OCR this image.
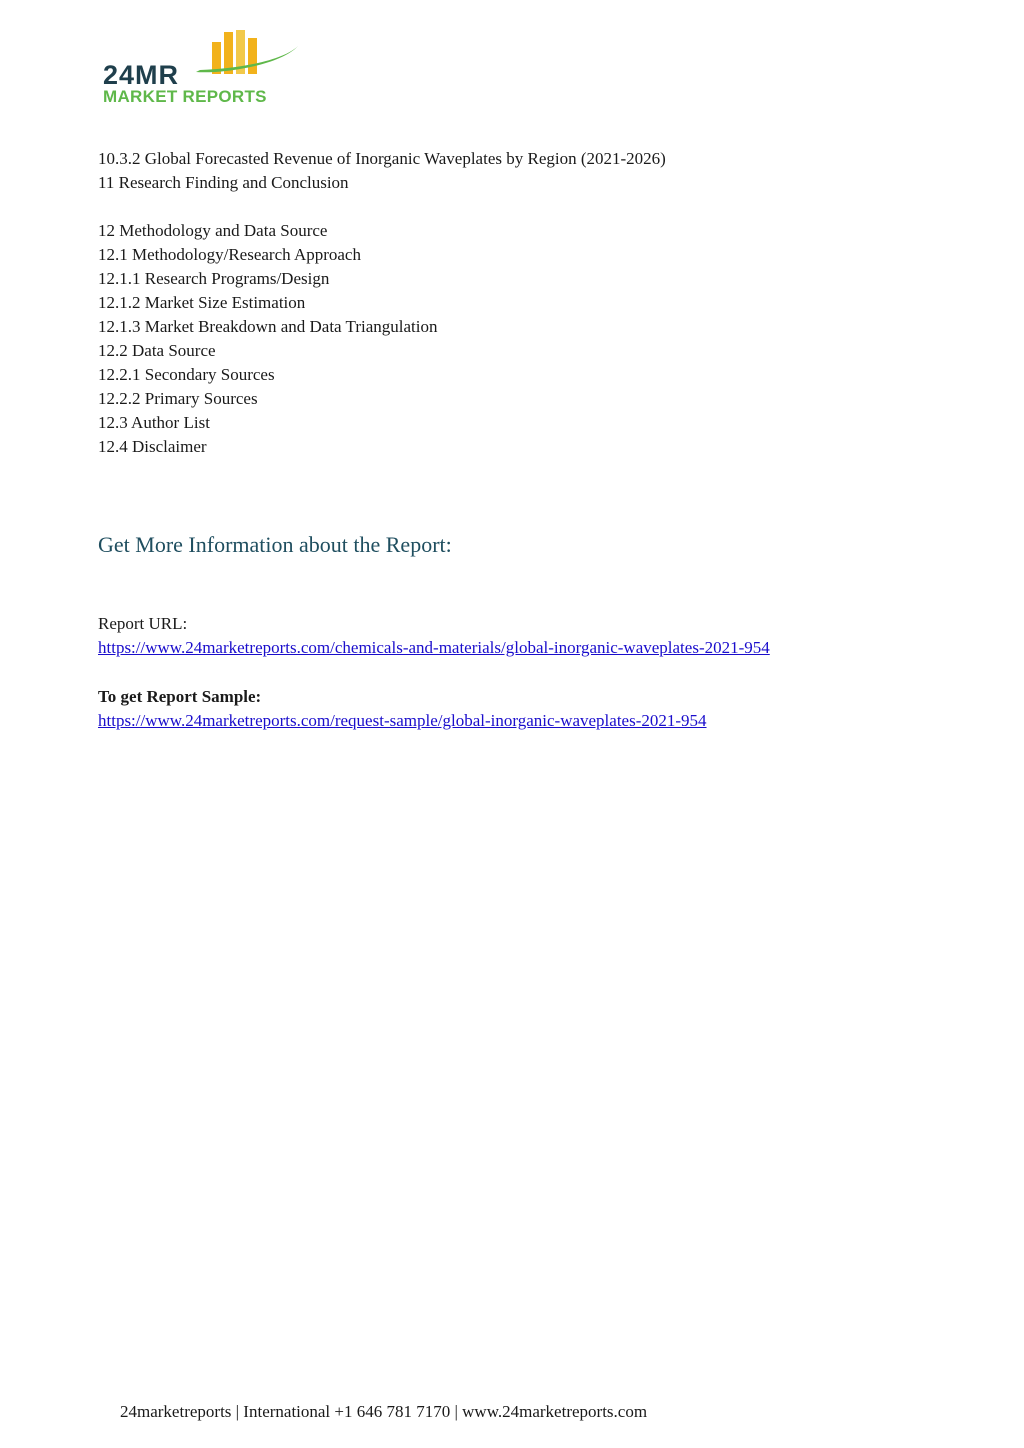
24MR
MARKET REPORTS
10.3.2 Global Forecasted Revenue of Inorganic Waveplates by Region (2021-2026)
11 Research Finding and Conclusion
12 Methodology and Data Source
12.1 Methodology/Research Approach
12.1.1 Research Programs/Design
12.1.2 Market Size Estimation
12.1.3 Market Breakdown and Data Triangulation
12.2 Data Source
12.2.1 Secondary Sources
12.2.2 Primary Sources
12.3 Author List
12.4 Disclaimer
Get More Information about the Report:
Report URL:
https://www.24marketreports.com/chemicals-and-materials/global-inorganic-waveplates-2021-954
To get Report Sample:
https://www.24marketreports.com/request-sample/global-inorganic-waveplates-2021-954
24marketreports | International +1 646 781 7170 | www.24marketreports.com
